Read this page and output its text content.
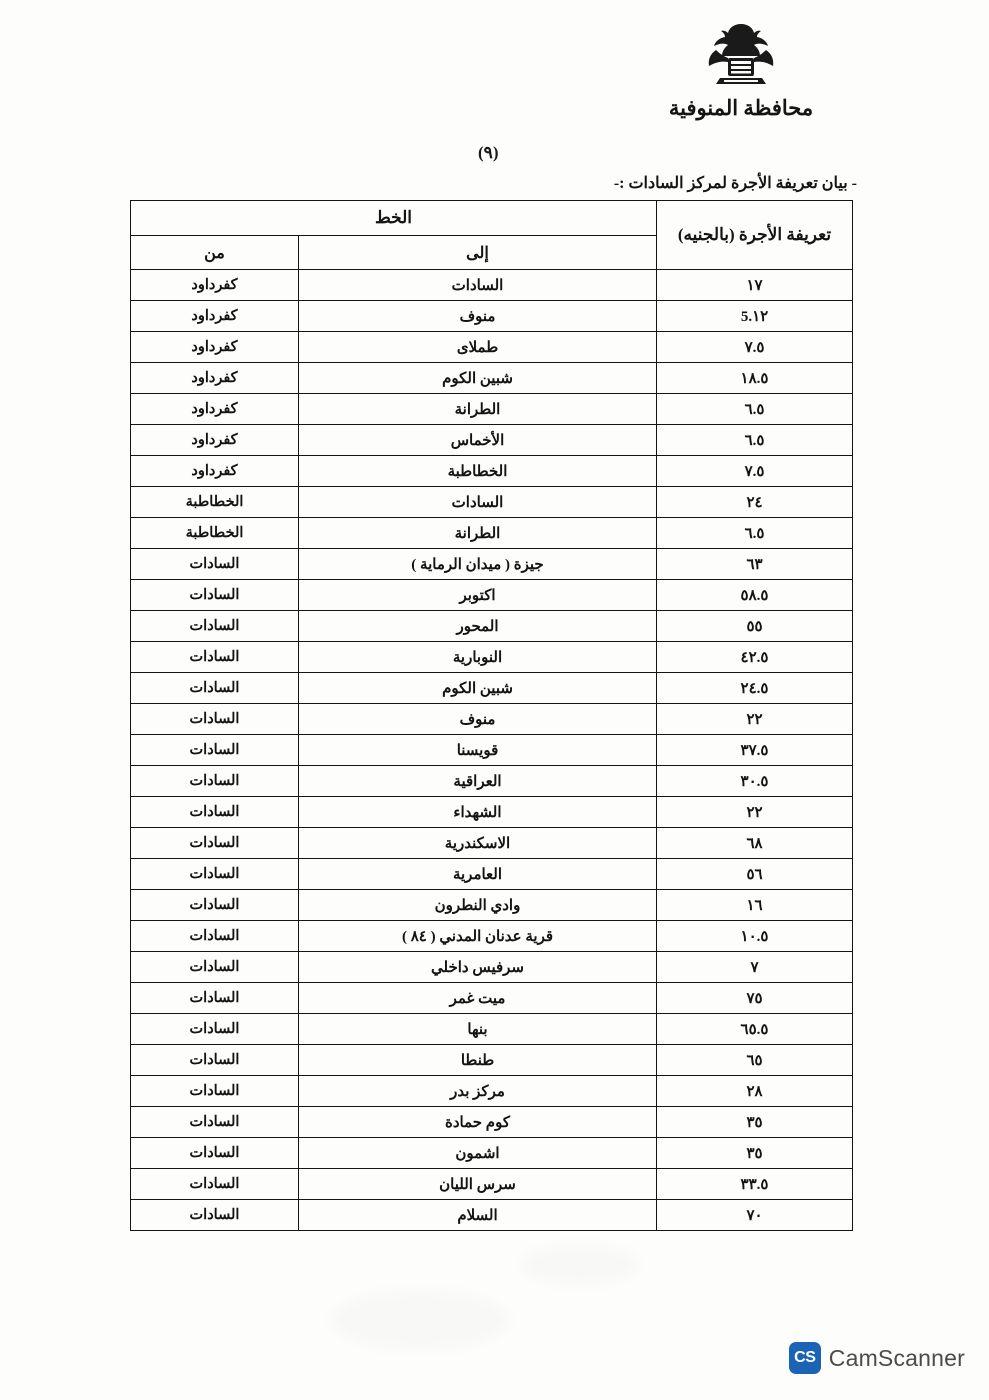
محافظة المنوفية
(٩)
- بيان تعريفة الأجرة لمركز السادات :-
تعريفة الأجرة (بالجنيه)	الخط	
	إلى	من
١٧	السادات	كفرداود
١٢.5	منوف	كفرداود
٧.٥	طملاى	كفرداود
١٨.٥	شبين الكوم	كفرداود
٦.٥	الطرانة	كفرداود
٦.٥	الأخماس	كفرداود
٧.٥	الخطاطبة	كفرداود
٢٤	السادات	الخطاطبة
٦.٥	الطرانة	الخطاطبة
٦٣	جيزة ( ميدان الرماية )	السادات
٥٨.٥	اكتوبر	السادات
٥٥	المحور	السادات
٤٢.٥	النوبارية	السادات
٢٤.٥	شبين الكوم	السادات
٢٢	منوف	السادات
٣٧.٥	قويسنا	السادات
٣٠.٥	العراقية	السادات
٢٢	الشهداء	السادات
٦٨	الاسكندرية	السادات
٥٦	العامرية	السادات
١٦	وادي النطرون	السادات
١٠.٥	قرية عدنان المدني ( ٨٤ )	السادات
٧	سرفيس داخلي	السادات
٧٥	ميت غمر	السادات
٦٥.٥	بنها	السادات
٦٥	طنطا	السادات
٢٨	مركز بدر	السادات
٣٥	كوم حمادة	السادات
٣٥	اشمون	السادات
٣٣.٥	سرس الليان	السادات
٧٠	السلام	السادات
CS CamScanner
